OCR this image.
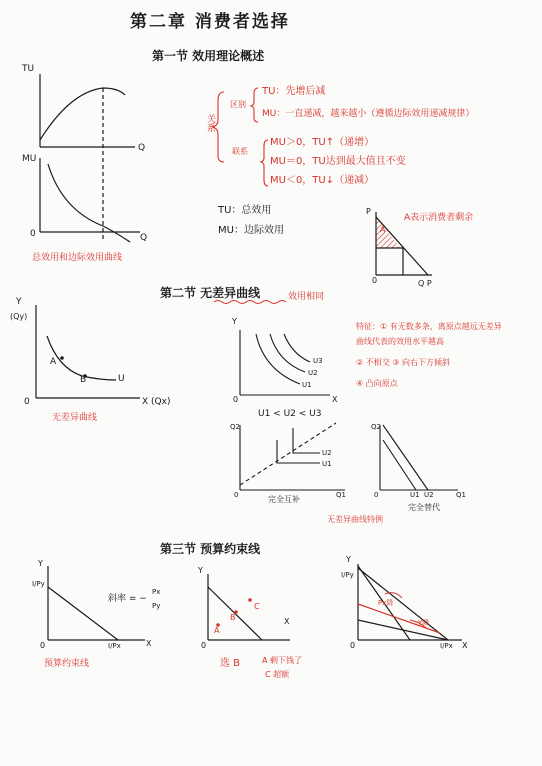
第二章 消费者选择
第一节 效用理论概述
TU
Q
MU
0	Q
总效用和边际效用曲线
关系
区别
TU：先增后减
MU：一直递减，越来越小（遵循边际效用递减规律）
联系
MU＞0，TU↑（递增）
MU＝0，TU达到最大值且不变
MU＜0，TU↓（递减）
TU：总效用
MU：边际效用
P
A
A表示消费者剩余
0	Q P
第二节 无差异曲线	效用相同
Y
(Qy)
A
B	U
0	X (Qx)
无差异曲线
Y
U3
U2
U1
0	X
U1 < U2 < U3
特征：① 有无数多条，离原点越远无差异
曲线代表的效用水平越高
② 不相交 ③ 向右下方倾斜
④ 凸向原点
Q2
U2
U1
0	Q1
完全互补
Q2
U1 U2
0	Q1
完全替代
无差异曲线特例
第三节 预算约束线
Y
I/Py
斜率 = −
Px
Py
0	I/Px	X
预算约束线
Y
A
B
C
0
X
选 B	A 剩下钱了
C 超额
Y
I/Py
Px降
Y降
0	I/Px X
